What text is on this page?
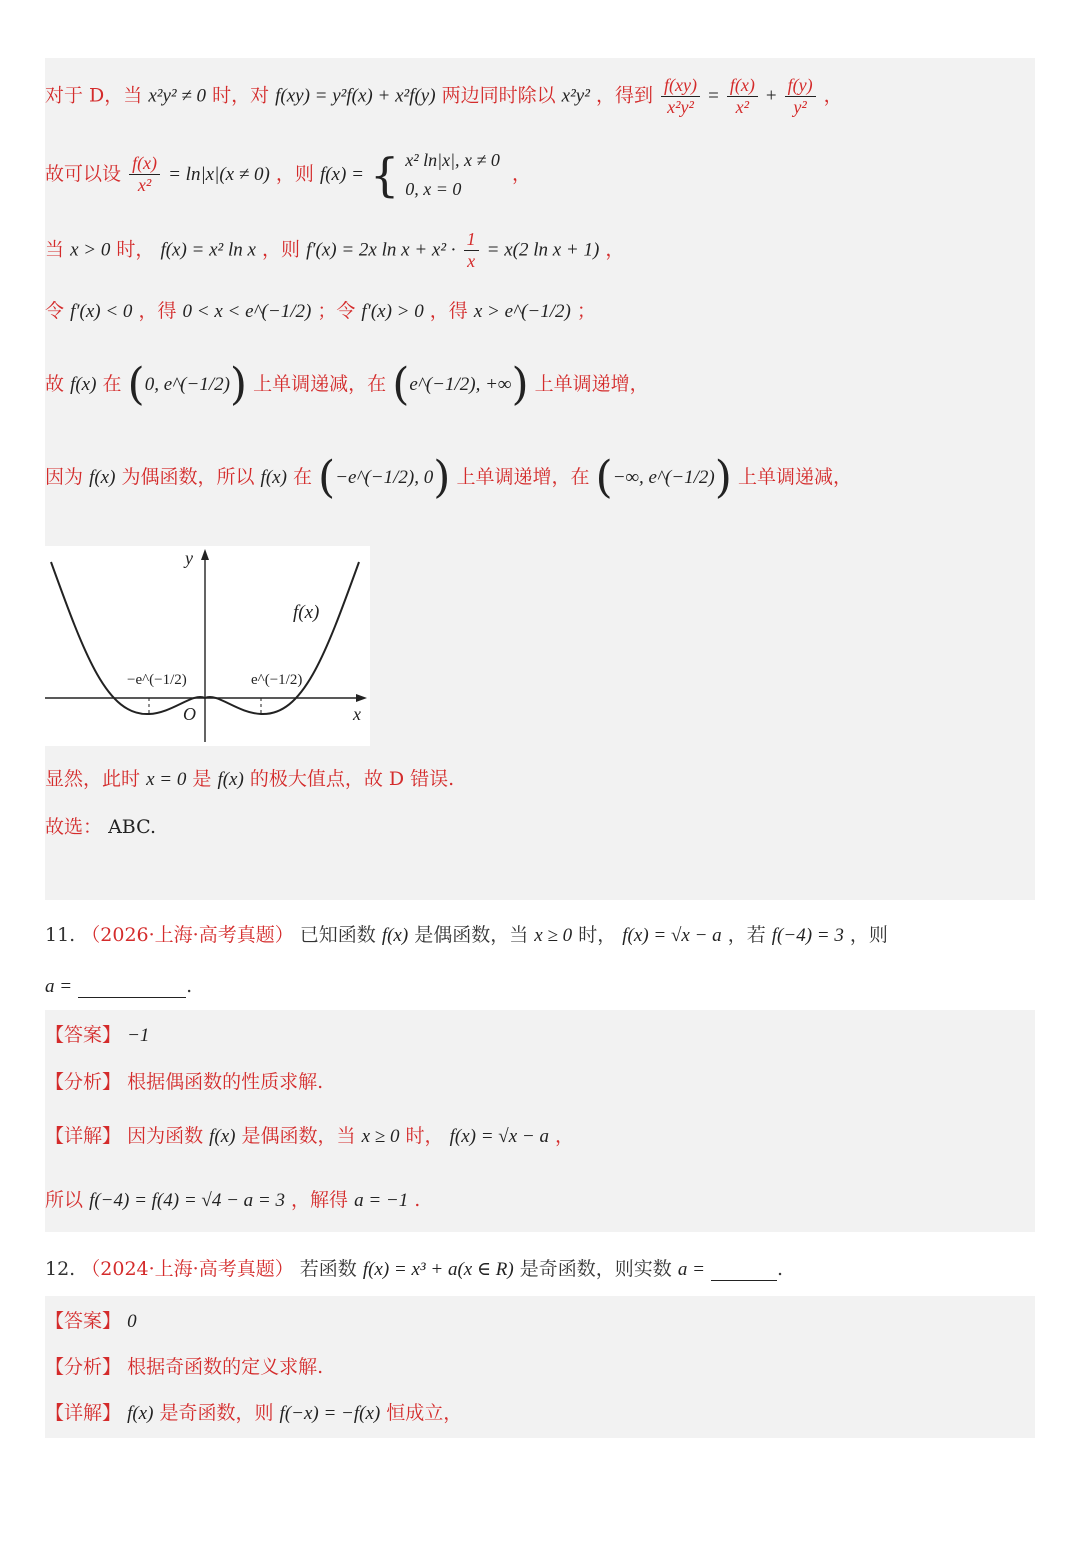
对于 D，当 x²y² ≠ 0 时，对 f(xy) = y²f(x) + x²f(y) 两边同时除以 x²y² ，得到 $\frac{f(xy)}{\text{x²y²}} = \frac{f(x)}{\text{x²}} + \frac{f(y)}{\text{y²}}$ ，
故可以设 $\frac{f(x)}{\text{x²}} = \ln|x|(x \ne 0)$ ，则 f(x) = { x² ln|x|, x ≠ 0
0, x = 0
，
当 x > 0 时， f(x) = x² ln x ，则 f′(x) = 2x $\ln x + x^2 \cdot \frac{1}{x} = x(2$ ln x + 1) ，
令 f′(x) < 0 ，得 0 < x < e^(−1/2) ；令 f′(x) > 0 ，得 x > e^(−1/2) ；
故 f(x) 在 (0, e^(−1/2)) 上单调递减，在 (e^(−1/2), +∞) 上单调递增，
因为 f(x) 为偶函数，所以 f(x) 在 (−e^(−1/2), 0) 上单调递增，在 (−∞, e^(−1/2)) 上单调递减，
y
x
O
f(x)
−e^(−1/2)	e^(−1/2)
显然，此时 x = 0 是 f(x) 的极大值点，故 D 错误.
故选： ABC.
11. （2026·上海·高考真题） 已知函数 f(x) 是偶函数，当 x ≥ 0 时， f(x) = √x − a ，若 f(−4) = 3 ，则
a =	.
【答案】 −1
【分析】 根据偶函数的性质求解.
【详解】 因为函数 f(x) 是偶函数，当 x ≥ 0 时， f(x) = √x − a ，
所以 f(−4) = f(4) = √4 − a = 3 ，解得 a = −1 .
12. （2024·上海·高考真题） 若函数 f(x) = x³ + a(x ∈ R) 是奇函数，则实数 a =	.
【答案】 0
【分析】 根据奇函数的定义求解.
【详解】 f(x) 是奇函数，则 f(−x) = −f(x) 恒成立，
